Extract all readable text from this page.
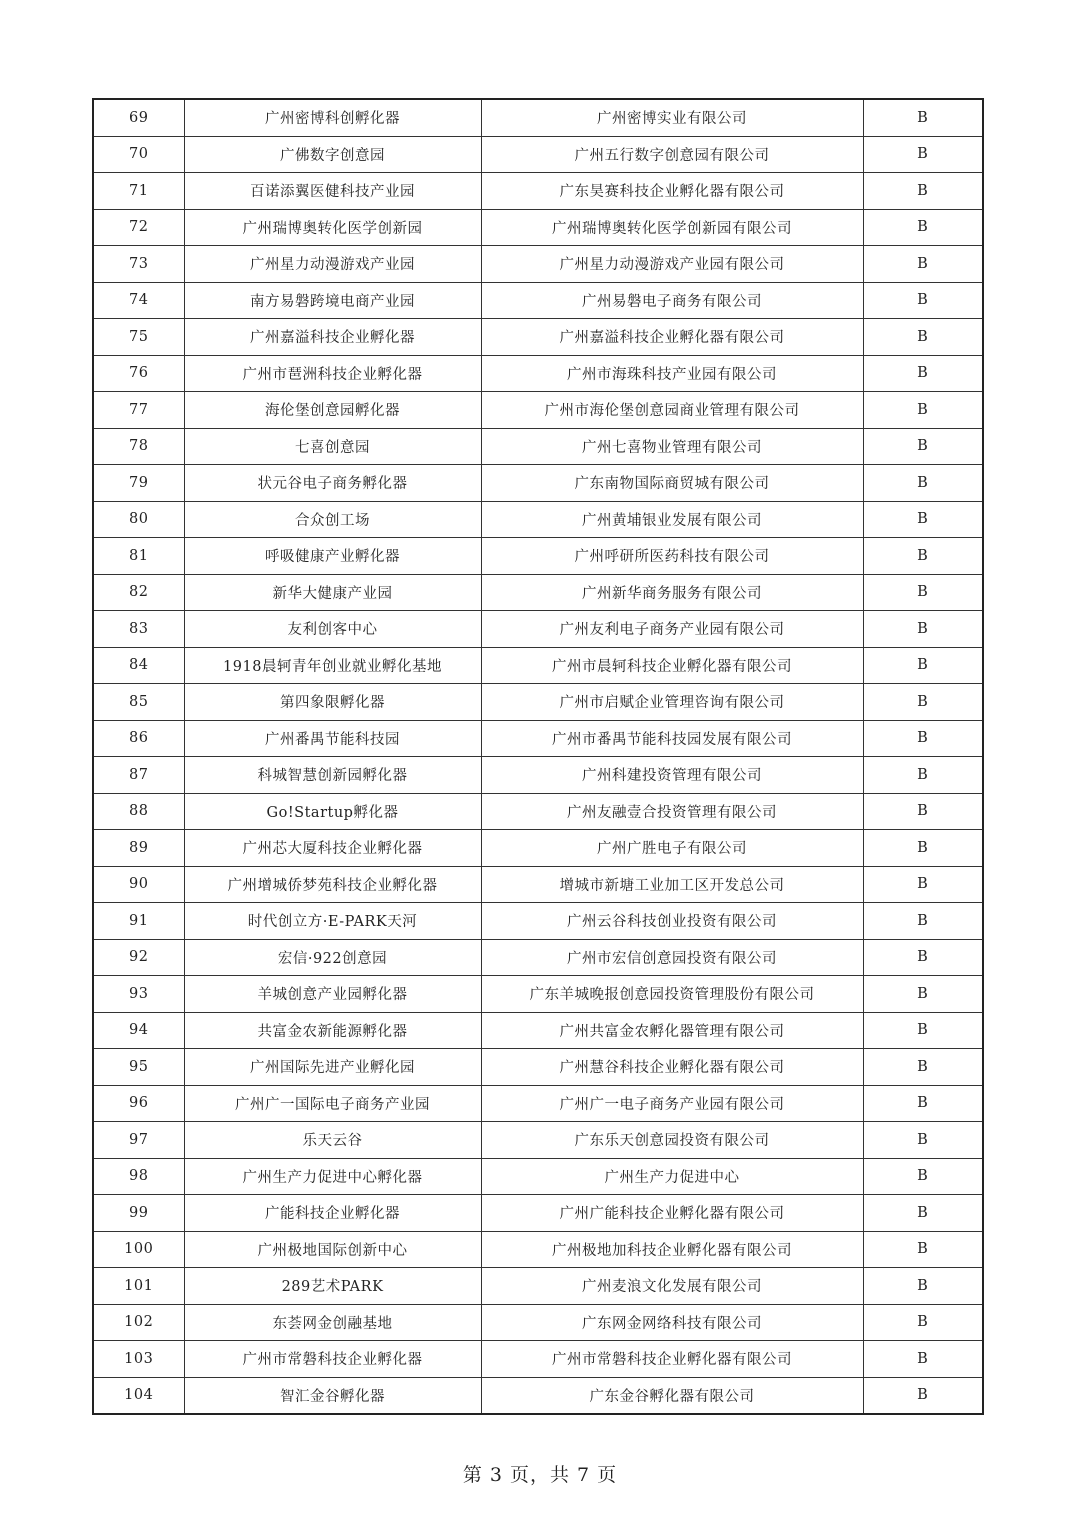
69	广州密博科创孵化器	广州密博实业有限公司	B
70	广佛数字创意园	广州五行数字创意园有限公司	B
71	百诺添翼医健科技产业园	广东昊赛科技企业孵化器有限公司	B
72	广州瑞博奥转化医学创新园	广州瑞博奥转化医学创新园有限公司	B
73	广州星力动漫游戏产业园	广州星力动漫游戏产业园有限公司	B
74	南方易磐跨境电商产业园	广州易磐电子商务有限公司	B
75	广州嘉溢科技企业孵化器	广州嘉溢科技企业孵化器有限公司	B
76	广州市琶洲科技企业孵化器	广州市海珠科技产业园有限公司	B
77	海伦堡创意园孵化器	广州市海伦堡创意园商业管理有限公司	B
78	七喜创意园	广州七喜物业管理有限公司	B
79	状元谷电子商务孵化器	广东南物国际商贸城有限公司	B
80	合众创工场	广州黄埔银业发展有限公司	B
81	呼吸健康产业孵化器	广州呼研所医药科技有限公司	B
82	新华大健康产业园	广州新华商务服务有限公司	B
83	友利创客中心	广州友利电子商务产业园有限公司	B
84	1918晨轲青年创业就业孵化基地	广州市晨轲科技企业孵化器有限公司	B
85	第四象限孵化器	广州市启赋企业管理咨询有限公司	B
86	广州番禺节能科技园	广州市番禺节能科技园发展有限公司	B
87	科城智慧创新园孵化器	广州科建投资管理有限公司	B
88	Go!Startup孵化器	广州友融壹合投资管理有限公司	B
89	广州芯大厦科技企业孵化器	广州广胜电子有限公司	B
90	广州增城侨梦苑科技企业孵化器	增城市新塘工业加工区开发总公司	B
91	时代创立方·E-PARK天河	广州云谷科技创业投资有限公司	B
92	宏信·922创意园	广州市宏信创意园投资有限公司	B
93	羊城创意产业园孵化器	广东羊城晚报创意园投资管理股份有限公司	B
94	共富金农新能源孵化器	广州共富金农孵化器管理有限公司	B
95	广州国际先进产业孵化园	广州慧谷科技企业孵化器有限公司	B
96	广州广一国际电子商务产业园	广州广一电子商务产业园有限公司	B
97	乐天云谷	广东乐天创意园投资有限公司	B
98	广州生产力促进中心孵化器	广州生产力促进中心	B
99	广能科技企业孵化器	广州广能科技企业孵化器有限公司	B
100	广州极地国际创新中心	广州极地加科技企业孵化器有限公司	B
101	289艺术PARK	广州麦浪文化发展有限公司	B
102	东荟网金创融基地	广东网金网络科技有限公司	B
103	广州市常磐科技企业孵化器	广州市常磐科技企业孵化器有限公司	B
104	智汇金谷孵化器	广东金谷孵化器有限公司	B
第 3 页，共 7 页
